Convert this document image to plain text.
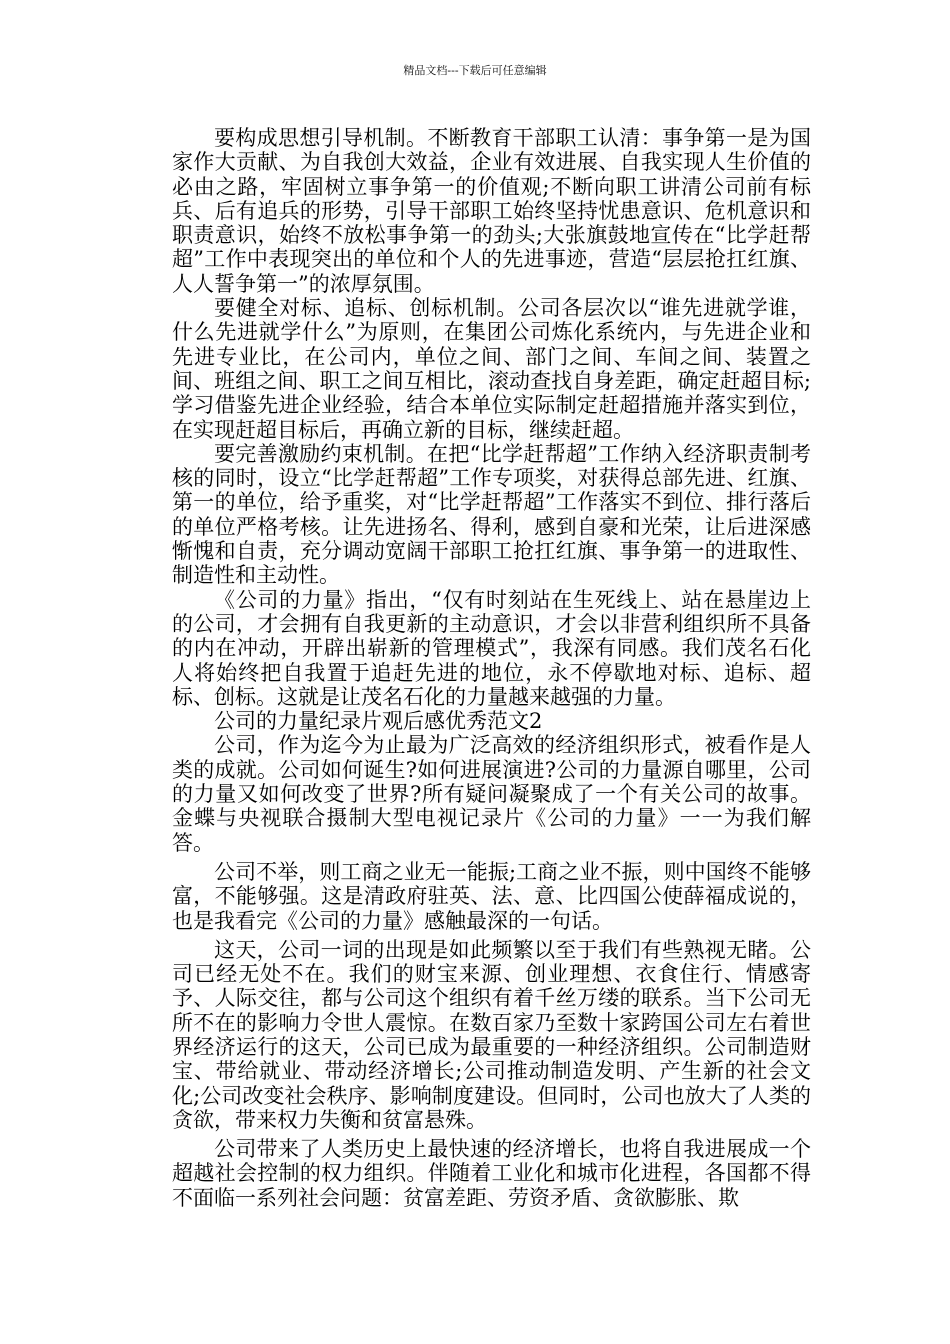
精品文档---下载后可任意编辑

要构成思想引导机制。不断教育干部职工认清：事争第一是为国家作大贡献、为自我创大效益，企业有效进展、自我实现人生价值的必由之路，牢固树立事争第一的价值观;不断向职工讲清公司前有标兵、后有追兵的形势，引导干部职工始终坚持忧患意识、危机意识和职责意识，始终不放松事争第一的劲头;大张旗鼓地宣传在“比学赶帮超”工作中表现突出的单位和个人的先进事迹，营造“层层抢扛红旗、人人誓争第一”的浓厚氛围。

要健全对标、追标、创标机制。公司各层次以“谁先进就学谁，什么先进就学什么”为原则，在集团公司炼化系统内，与先进企业和先进专业比，在公司内，单位之间、部门之间、车间之间、装置之间、班组之间、职工之间互相比，滚动查找自身差距，确定赶超目标;学习借鉴先进企业经验，结合本单位实际制定赶超措施并落实到位，在实现赶超目标后，再确立新的目标，继续赶超。

要完善激励约束机制。在把“比学赶帮超”工作纳入经济职责制考核的同时，设立“比学赶帮超”工作专项奖，对获得总部先进、红旗、第一的单位，给予重奖，对“比学赶帮超”工作落实不到位、排行落后的单位严格考核。让先进扬名、得利，感到自豪和光荣，让后进深感惭愧和自责，充分调动宽阔干部职工抢扛红旗、事争第一的进取性、制造性和主动性。

《公司的力量》指出，“仅有时刻站在生死线上、站在悬崖边上的公司，才会拥有自我更新的主动意识，才会以非营利组织所不具备的内在冲动，开辟出崭新的管理模式”，我深有同感。我们茂名石化人将始终把自我置于追赶先进的地位，永不停歇地对标、追标、超标、创标。这就是让茂名石化的力量越来越强的力量。

公司的力量纪录片观后感优秀范文2

公司，作为迄今为止最为广泛高效的经济组织形式，被看作是人类的成就。公司如何诞生?如何进展演进?公司的力量源自哪里，公司的力量又如何改变了世界?所有疑问凝聚成了一个有关公司的故事。金蝶与央视联合摄制大型电视记录片《公司的力量》一一为我们解答。

公司不举，则工商之业无一能振;工商之业不振，则中国终不能够富，不能够强。这是清政府驻英、法、意、比四国公使薛福成说的，也是我看完《公司的力量》感触最深的一句话。

这天，公司一词的出现是如此频繁以至于我们有些熟视无睹。公司已经无处不在。我们的财宝来源、创业理想、衣食住行、情感寄予、人际交往，都与公司这个组织有着千丝万缕的联系。当下公司无所不在的影响力令世人震惊。在数百家乃至数十家跨国公司左右着世界经济运行的这天，公司已成为最重要的一种经济组织。公司制造财宝、带给就业、带动经济增长;公司推动制造发明、产生新的社会文化;公司改变社会秩序、影响制度建设。但同时，公司也放大了人类的贪欲，带来权力失衡和贫富悬殊。

公司带来了人类历史上最快速的经济增长，也将自我进展成一个超越社会控制的权力组织。伴随着工业化和城市化进程，各国都不得不面临一系列社会问题：贫富差距、劳资矛盾、贪欲膨胀、欺
